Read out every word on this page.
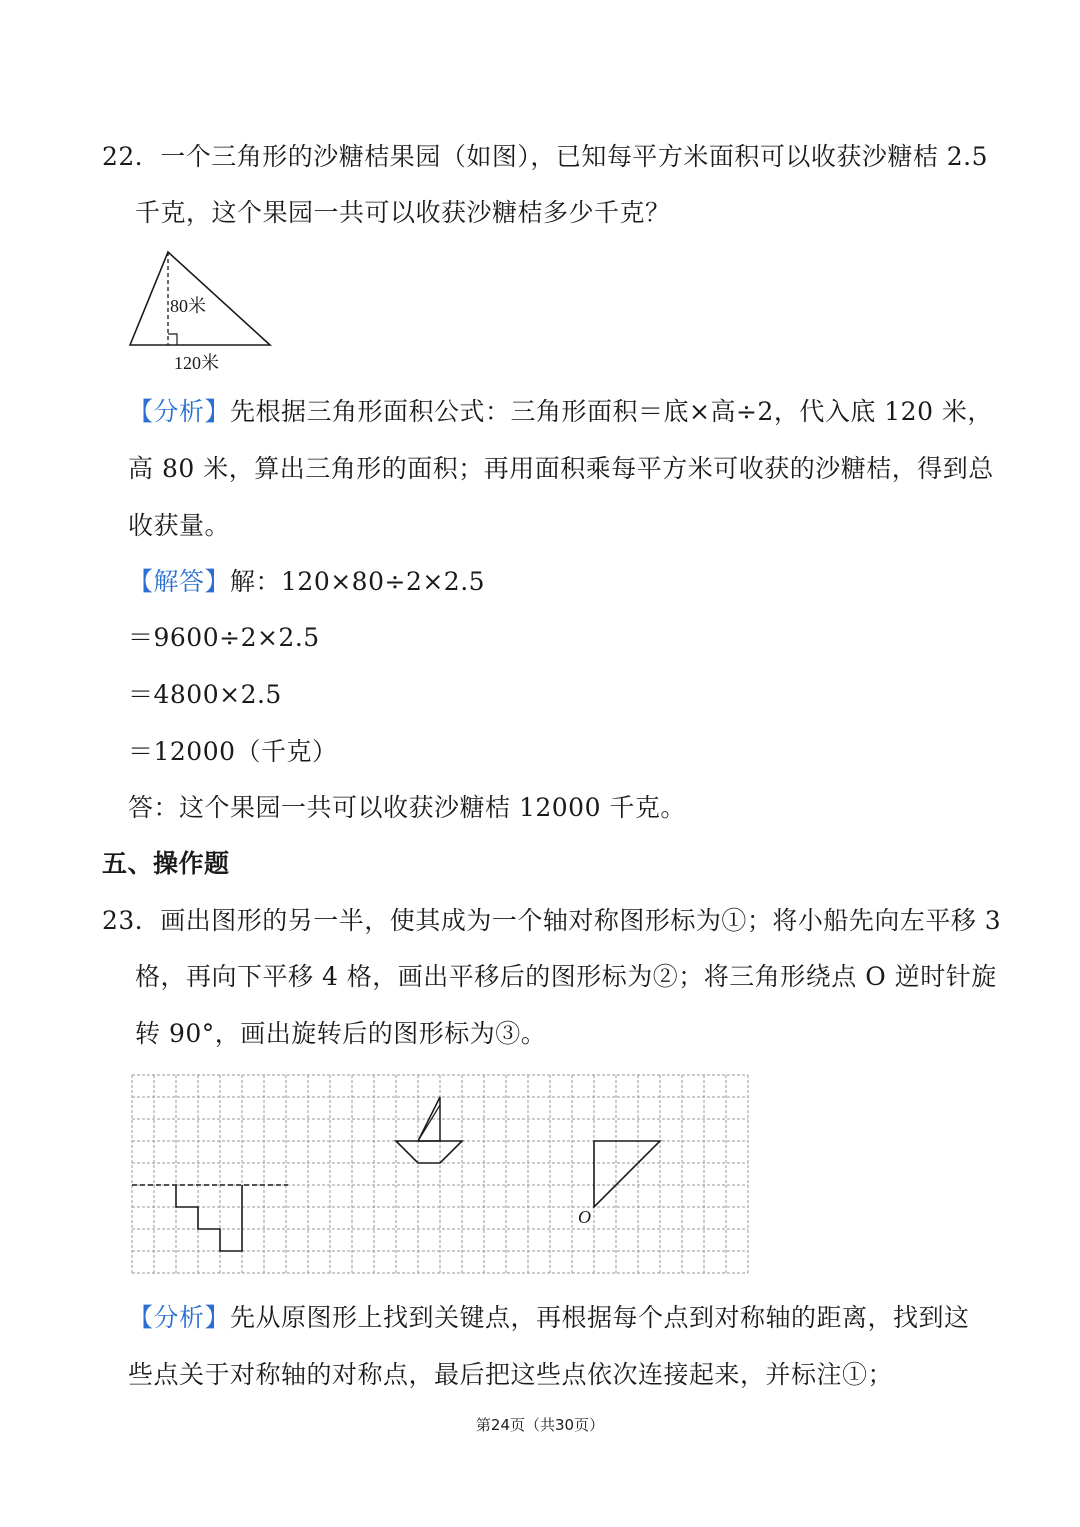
22．一个三角形的沙糖桔果园（如图），已知每平方米面积可以收获沙糖桔 2.5
千克，这个果园一共可以收获沙糖桔多少千克？
80米
120米
【分析】先根据三角形面积公式：三角形面积＝底×高÷2，代入底 120 米，
高 80 米，算出三角形的面积；再用面积乘每平方米可收获的沙糖桔，得到总
收获量。
【解答】解：120×80÷2×2.5
＝9600÷2×2.5
＝4800×2.5
＝12000（千克）
答：这个果园一共可以收获沙糖桔 12000 千克。
五、操作题
23．画出图形的另一半，使其成为一个轴对称图形标为①；将小船先向左平移 3
格，再向下平移 4 格，画出平移后的图形标为②；将三角形绕点 O 逆时针旋
转 90°，画出旋转后的图形标为③。
O
【分析】先从原图形上找到关键点，再根据每个点到对称轴的距离，找到这
些点关于对称轴的对称点，最后把这些点依次连接起来，并标注①；
第24页（共30页）
